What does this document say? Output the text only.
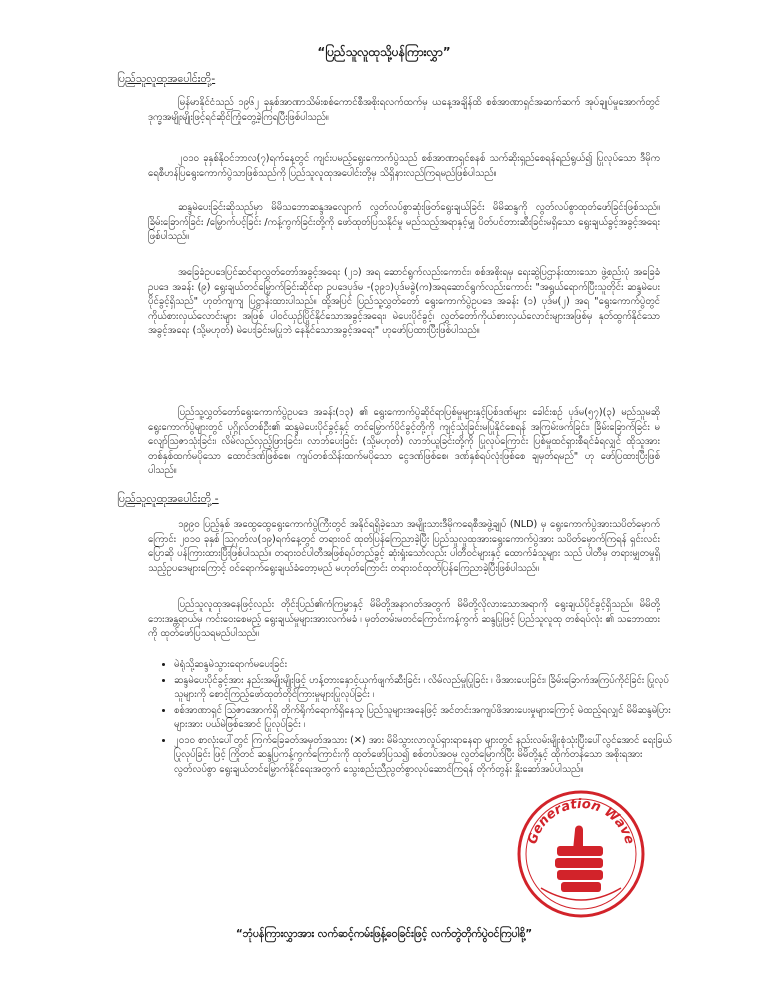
“ပြည်သူလူထုသို့ပန်ကြားလွှာ”
ပြည်သူလူထုအပေါင်းတို့-

မြန်မာနိုင်ငံသည် ၁၉၆၂ ခုနှစ်အာဏာသိမ်းစစ်ကောင်စီအစိုးရလက်ထက်မှ ယနေ့အချိန်ထိ စစ်အာဏာရှင်အဆက်ဆက် အုပ်ချုပ်မှုအောက်တွင် ဒုက္ခအမျိုးမျိုးဖြင့်ရင်ဆိုင်ကြုံတွေ့ခဲ့ကြရပြီးဖြစ်ပါသည်။

၂၀၁၀ ခုနှစ်နိုဝင်ဘာလ(၇)ရက်နေ့တွင် ကျင်းပမည့်ရွေးကောက်ပွဲသည် စစ်အာဏာရှင်စနစ် သက်ဆိုးရှည်စေရန်ရည်ရွယ်၍ ပြုလုပ်သော ဒီမိုကရေစီဟန်ပြရွေးကောက်ပွဲသာဖြစ်သည်ကို ပြည်သူလူထုအပေါင်းတို့မှ သိရှိနားလည်ကြရမည်ဖြစ်ပါသည်။

ဆန္ဒမဲပေးခြင်းဆိုသည်မှာ မိမိသဘောဆန္ဒအလျောက် လွတ်လပ်စွာဆုံးဖြတ်ရွေးချယ်ခြင်း မိမိဆန္ဒကို လွတ်လပ်စွာထုတ်ဖော်ခြင်းဖြစ်သည်။ ခြိမ်းခြောက်ခြင်း /မြှောက်ပင့်ခြင်း /ကန့်ကွက်ခြင်းတို့ကို ဖော်ထုတ်ပြသနိုင်မှု မည်သည့်အရာနှင့်မျှ ပိတ်ပင်တားဆီးခြင်းမရှိသော ရွေးချယ်ခွင့်အခွင့်အရေးဖြစ်ပါသည်။

အခြေခံဥပဒေပြင်ဆင်ရာလွှတ်တော်အခွင့်အရေး (၂၁) အရ ဆောင်ရွက်လည်းကောင်း၊ စစ်အစိုးရမှ ရေးဆွဲပြဌာန်းထားသော ဖွဲ့စည်းပုံ အခြေခံဥပဒေ အခန်း (၉) ရွေးချယ်တင်မြှောက်ခြင်းဆိုင်ရာ ဥပဒေပုဒ်မ -(၃၉၁)ပုဒ်မခွဲ(က)အရဆောင်ရွက်လည်းကောင်း "အရွယ်ရောက်ပြီးသူတိုင်း ဆန္ဒမဲပေးပိုင်ခွင့်ရှိသည်" ဟုတ်ကျကျ ပြဋ္ဌာန်းထားပါသည်။ ထို့အပြင် ပြည်သူ့လွှတ်တော် ရွေးကောက်ပွဲဥပဒေ အခန်း (၁) ပုဒ်မ(၂) အရ "ရွေးကောက်ပွဲတွင် ကိုယ်စားလှယ်လောင်းများ အဖြစ် ပါဝင်ယှဉ်ပြိုင်နိုင်သောအခွင့်အရေး၊ မဲပေးပိုင်ခွင့်၊ လွှတ်တော်ကိုယ်စားလှယ်လောင်းများအဖြစ်မှ နုတ်ထွက်နိုင်သောအခွင့်အရေး (သို့မဟုတ်) မဲပေးခြင်းမပြုဘဲ နေနိုင်သောအခွင့်အရေး" ဟုဖော်ပြထားပြီးဖြစ်ပါသည်။

ပြည်သူ့လွှတ်တော်ရွေးကောက်ပွဲဥပဒေ အခန်း(၁၃) ၏ ရွေးကောက်ပွဲဆိုင်ရာပြစ်မှုများနှင့်ပြစ်ဒဏ်များ ခေါင်းစဉ် ပုဒ်မ(၅၇)(၃) မည်သူမဆို ရွေးကောက်ပွဲများတွင် ပုဂ္ဂိုလ်တစ်ဦး၏ ဆန္ဒမဲပေးပိုင်ခွင့်နှင့် တင်မြှောက်ပိုင်ခွင့်တို့ကို ကျင့်သုံးခြင်းမပြုနိုင်စေရန် အကြမ်းဖက်ခြင်း၊ ခြိမ်းခြောက်ခြင်း မလျော်ဩဇာသုံးခြင်း၊ လိမ်လည်လှည့်ဖြားခြင်း၊ လာဘ်ပေးခြင်း (သို့မဟုတ်) လာဘ်ယူခြင်းတို့ကို ပြုလုပ်ကြောင်း ပြစ်မှုထင်ရှားစီရင်ခံရလျှင် ထိုသူအား တစ်နှစ်ထက်မပိုသော ထောင်ဒဏ်ဖြစ်စေ၊ ကျပ်တစ်သိန်းထက်မပိုသော ငွေဒဏ်ဖြစ်စေ၊ ဒဏ်နှစ်ရပ်လုံးဖြစ်စေ ချမှတ်ရမည်" ဟု ဖော်ပြထားပြီးဖြစ်ပါသည်။

ပြည်သူလူထုအပေါင်းတို့ -

၁၉၉၀ ပြည့်နှစ် အထွေထွေရွေးကောက်ပွဲကြီးတွင် အနိုင်ရရှိခဲ့သော အမျိုးသားဒီမိုကရေစီအဖွဲ့ချုပ် (NLD) မှ ရွေးကောက်ပွဲအားသပိတ်မှောက်ကြောင်း ၂၀၁၀ ခုနှစ် ဩဂုတ်လ(၁၉)ရက်နေ့တွင် တရားဝင် ထုတ်ပြန်ကြေညာခဲ့ပြီး ပြည်သူလူထုအားရွေးကောက်ပွဲအား သပိတ်မှောက်ကြရန် ရှင်းလင်းပြောဆို ပန်ကြားထားပြီးဖြစ်ပါသည်။ တရားဝင်ပါတီအဖြစ်ရပ်တည်ခွင့် ဆုံးရှုံးသော်လည်း ပါတီဝင်များနှင့် ထောက်ခံသူများ သည် ပါတီမှ တရားမျှတမှုရှိသည့်ဥပဒေများကြောင့် ဝင်ရောက်ရွေးချယ်ခံတော့မည် မဟုတ်ကြောင်း တရားဝင်ထုတ်ပြန်ကြေညာခဲ့ပြီးဖြစ်ပါသည်။

ပြည်သူလူထုအနေဖြင့်လည်း တိုင်းပြည်၏ကံကြမ္မာနှင့် မိမိတို့အနာဂတ်အတွက် မိမိတို့လိုလားသောအရာကို ရွေးချယ်ပိုင်ခွင့်ရှိသည်။ မိမိတို့ ဘေးအန္တရာယ်မှ ကင်းဝေးစေမည့် ရွေးချယ်မှုများအားလက်မခံ ၊ မှတ်တမ်းမတင်ကြောင်းကန့်ကွက် ဆန္ဒပြုဖြင့် ပြည်သူလူထု တစ်ရပ်လုံး ၏ သဘောထားကို ထုတ်ဖော်ပြသရမည်ပါသည်။

• မဲရုံသို့ဆန္ဒမဲသွားရောက်မပေးခြင်း
• ဆန္ဒမဲပေးပိုင်ခွင့်အား နည်းအမျိုးမျိုးဖြင့် ဟန့်တားနှောင့်ယှက်ဖျက်ဆီးခြင်း ၊ လိမ်လည်မှုပြုခြင်း ၊ ဖိအားပေးခြင်း၊ ခြိမ်းခြောက်အကြပ်ကိုင်ခြင်း ပြုလုပ်သူများကို စောင့်ကြည့်ဖော်ထုတ်တိုင်ကြားမှုများပြုလုပ်ခြင်း ၊
• စစ်အာဏာရှင် ဩဇာအောက်ရှိ တိုက်ရိုက်ရောက်ရှိနေသူ ပြည်သူများအနေဖြင့် အင်တင်းအကျပ်ဖိအားပေးမှုများကြောင့် မဲထည့်ရလျှင် မိမိဆန္ဒမဲပြားများအား ပယ်မဲဖြစ်အောင် ပြုလုပ်ခြင်း ၊
• ၂၀၁၀ စာလုံးပေါ်တွင် ကြက်ခြေခတ်အမှတ်အသား (✕) အား မိမိသွားလာလှုပ်ရှားရာနေရာ များတွင် နည်းလမ်းမျိုးစုံသုံးပြီးပေါ်လွင်အောင် ရေးခြယ်ပြုလုပ်ခြင်း ဖြင့် ကြိုတင် ဆန္ဒပြကန့်ကွက်ကြောင်းကို ထုတ်ဖော်ပြသ၍ စစ်တပ်အဝမှ လွတ်မြောက်ပြီး မိမိတို့နှင့် ထိုက်တန်သော အစိုးရအားလွတ်လပ်စွာ ရွေးချယ်တင်မြှောက်နိုင်ရေးအတွက် သွေးစည်းညီညွတ်စွာလုပ်ဆောင်ကြရန် တိုက်တွန်း နှိုးဆော်အပ်ပါသည်။
Generation Wave
“ဘုံပန်ကြားလွှာအား လက်ဆင့်ကမ်းဖြန့်ဝေခြင်းဖြင့် လက်တွဲတိုက်ပွဲဝင်ကြပါစို့”
